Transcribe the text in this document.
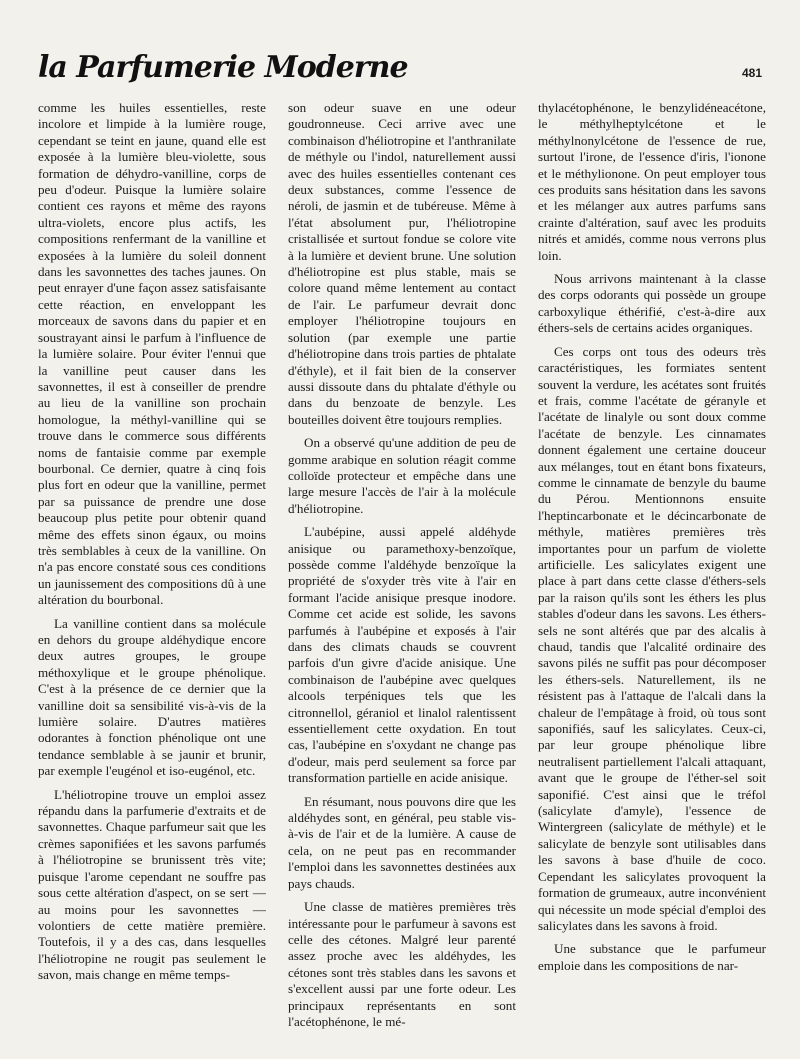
la Parfumerie Moderne	481

comme les huiles essentielles, reste incolore et limpide à la lumière rouge, cependant se teint en jaune, quand elle est exposée à la lumière bleu-violette, sous formation de déhydro-vanilline, corps de peu d'odeur. Puisque la lumière solaire contient ces rayons et même des rayons ultra-violets, encore plus actifs, les compositions renfermant de la vanilline et exposées à la lumière du soleil donnent dans les savonnettes des taches jaunes. On peut enrayer d'une façon assez satisfaisante cette réaction, en enveloppant les morceaux de savons dans du papier et en soustrayant ainsi le parfum à l'influence de la lumière solaire. Pour éviter l'ennui que la vanilline peut causer dans les savonnettes, il est à conseiller de prendre au lieu de la vanilline son prochain homologue, la méthyl-vanilline qui se trouve dans le commerce sous différents noms de fantaisie comme par exemple bourbonal. Ce dernier, quatre à cinq fois plus fort en odeur que la vanilline, permet par sa puissance de prendre une dose beaucoup plus petite pour obtenir quand même des effets sinon égaux, ou moins très semblables à ceux de la vanilline. On n'a pas encore constaté sous ces conditions un jaunissement des compositions dû à une altération du bourbonal.

La vanilline contient dans sa molécule en dehors du groupe aldéhydique encore deux autres groupes, le groupe méthoxylique et le groupe phénolique. C'est à la présence de ce dernier que la vanilline doit sa sensibilité vis-à-vis de la lumière solaire. D'autres matières odorantes à fonction phénolique ont une tendance semblable à se jaunir et brunir, par exemple l'eugénol et iso-eugénol, etc.

L'héliotropine trouve un emploi assez répandu dans la parfumerie d'extraits et de savonnettes. Chaque parfumeur sait que les crèmes saponifiées et les savons parfumés à l'héliotropine se brunissent très vite; puisque l'arome cependant ne souffre pas sous cette altération d'aspect, on se sert — au moins pour les savonnettes — volontiers de cette matière première. Toutefois, il y a des cas, dans lesquelles l'héliotropine ne rougit pas seulement le savon, mais change en même temps-

son odeur suave en une odeur goudronneuse. Ceci arrive avec une combinaison d'héliotropine et l'anthranilate de méthyle ou l'indol, naturellement aussi avec des huiles essentielles contenant ces deux substances, comme l'essence de néroli, de jasmin et de tubéreuse. Même à l'état absolument pur, l'héliotropine cristallisée et surtout fondue se colore vite à la lumière et devient brune. Une solution d'héliotropine est plus stable, mais se colore quand même lentement au contact de l'air. Le parfumeur devrait donc employer l'héliotropine toujours en solution (par exemple une partie d'héliotropine dans trois parties de phtalate d'éthyle), et il fait bien de la conserver aussi dissoute dans du phtalate d'éthyle ou dans du benzoate de benzyle. Les bouteilles doivent être toujours remplies.

On a observé qu'une addition de peu de gomme arabique en solution réagit comme colloïde protecteur et empêche dans une large mesure l'accès de l'air à la molécule d'héliotropine.

L'aubépine, aussi appelé aldéhyde anisique ou paramethoxy-benzoïque, possède comme l'aldéhyde benzoïque la propriété de s'oxyder très vite à l'air en formant l'acide anisique presque inodore. Comme cet acide est solide, les savons parfumés à l'aubépine et exposés à l'air dans des climats chauds se couvrent parfois d'un givre d'acide anisique. Une combinaison de l'aubépine avec quelques alcools terpéniques tels que les citronnellol, géraniol et linalol ralentissent essentiellement cette oxydation. En tout cas, l'aubépine en s'oxydant ne change pas d'odeur, mais perd seulement sa force par transformation partielle en acide anisique.

En résumant, nous pouvons dire que les aldéhydes sont, en général, peu stable vis-à-vis de l'air et de la lumière. A cause de cela, on ne peut pas en recommander l'emploi dans les savonnettes destinées aux pays chauds.

Une classe de matières premières très intéressante pour le parfumeur à savons est celle des cétones. Malgré leur parenté assez proche avec les aldéhydes, les cétones sont très stables dans les savons et s'excellent aussi par une forte odeur. Les principaux représentants en sont l'acétophénone, le mé-

thylacétophénone, le benzylidéneacétone, le méthylheptylcétone et le méthylnonylcétone de l'essence de rue, surtout l'irone, de l'essence d'iris, l'ionone et le méthylionone. On peut employer tous ces produits sans hésitation dans les savons et les mélanger aux autres parfums sans crainte d'altération, sauf avec les produits nitrés et amidés, comme nous verrons plus loin.

Nous arrivons maintenant à la classe des corps odorants qui possède un groupe carboxylique éthérifié, c'est-à-dire aux éthers-sels de certains acides organiques.

Ces corps ont tous des odeurs très caractéristiques, les formiates sentent souvent la verdure, les acétates sont fruités et frais, comme l'acétate de géranyle et l'acétate de linalyle ou sont doux comme l'acétate de benzyle. Les cinnamates donnent également une certaine douceur aux mélanges, tout en étant bons fixateurs, comme le cinnamate de benzyle du baume du Pérou. Mentionnons ensuite l'heptincarbonate et le décincarbonate de méthyle, matières premières très importantes pour un parfum de violette artificielle. Les salicylates exigent une place à part dans cette classe d'éthers-sels par la raison qu'ils sont les éthers les plus stables d'odeur dans les savons. Les éthers-sels ne sont altérés que par des alcalis à chaud, tandis que l'alcalité ordinaire des savons pilés ne suffit pas pour décomposer les éthers-sels. Naturellement, ils ne résistent pas à l'attaque de l'alcali dans la chaleur de l'empâtage à froid, où tous sont saponifiés, sauf les salicylates. Ceux-ci, par leur groupe phénolique libre neutralisent partiellement l'alcali attaquant, avant que le groupe de l'éther-sel soit saponifié. C'est ainsi que le tréfol (salicylate d'amyle), l'essence de Wintergreen (salicylate de méthyle) et le salicylate de benzyle sont utilisables dans les savons à base d'huile de coco. Cependant les salicylates provoquent la formation de grumeaux, autre inconvénient qui nécessite un mode spécial d'emploi des salicylates dans les savons à froid.

Une substance que le parfumeur emploie dans les compositions de nar-
